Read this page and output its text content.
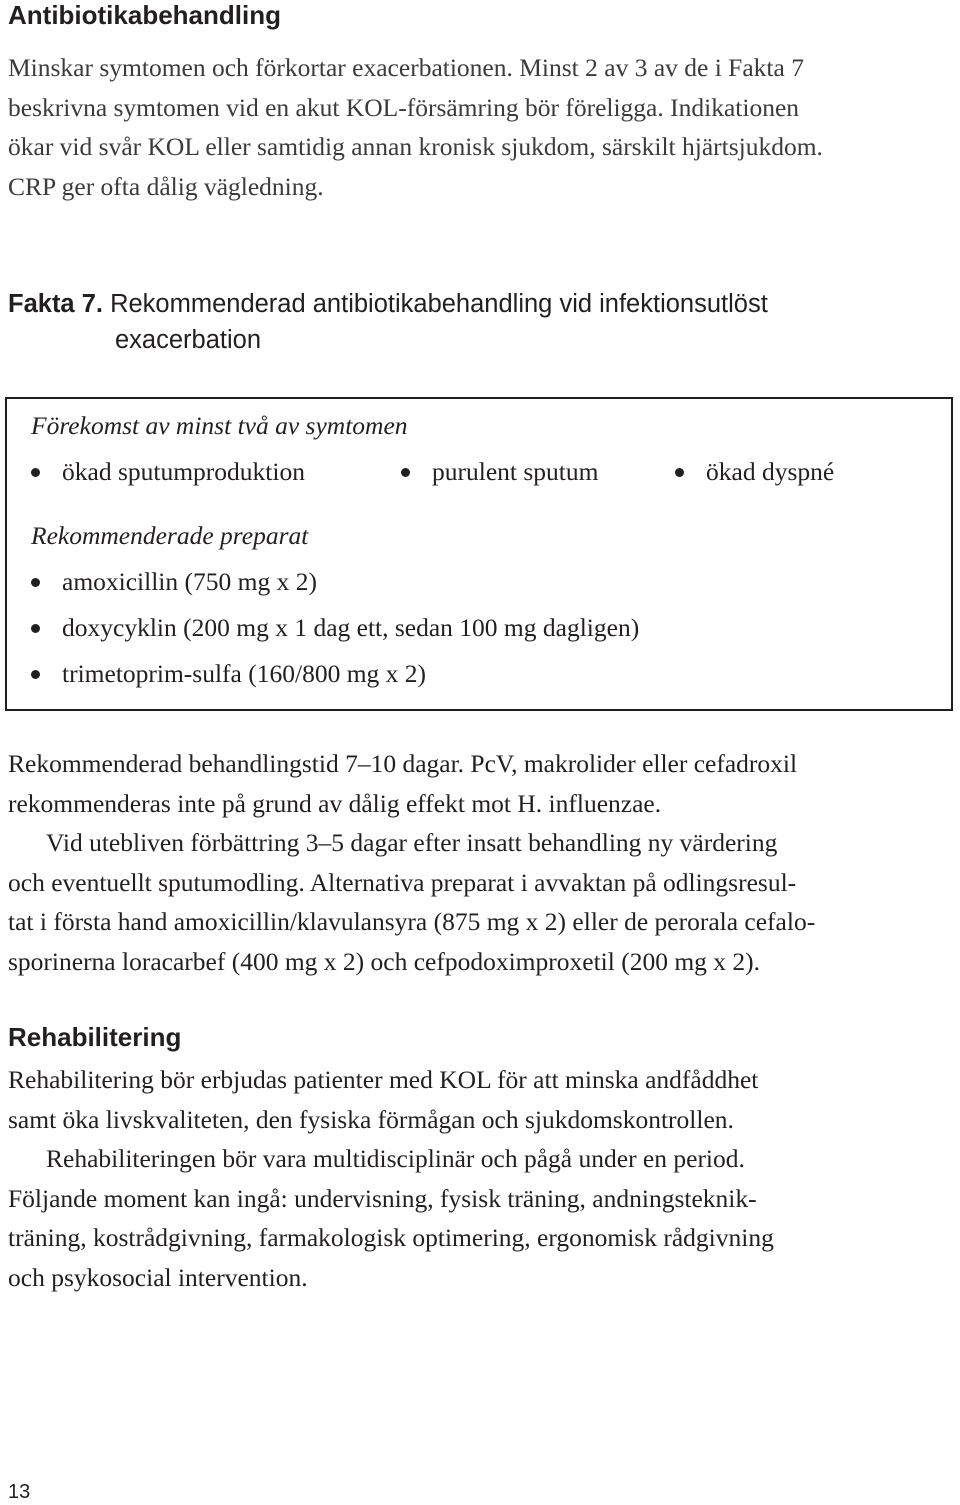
Antibiotikabehandling
Minskar symtomen och förkortar exacerbationen. Minst 2 av 3 av de i Fakta 7
beskrivna symtomen vid en akut KOL-försämring bör föreligga. Indikationen
ökar vid svår KOL eller samtidig annan kronisk sjukdom, särskilt hjärtsjukdom.
CRP ger ofta dålig vägledning.
Fakta 7. Rekommenderad antibiotikabehandling vid infektionsutlöst
exacerbation
Förekomst av minst två av symtomen
ökad sputumproduktion	purulent sputum	ökad dyspné
Rekommenderade preparat
amoxicillin (750 mg x 2)
doxycyklin (200 mg x 1 dag ett, sedan 100 mg dagligen)
trimetoprim-sulfa (160/800 mg x 2)
Rekommenderad behandlingstid 7–10 dagar. PcV, makrolider eller cefadroxil
rekommenderas inte på grund av dålig effekt mot H. influenzae.
Vid utebliven förbättring 3–5 dagar efter insatt behandling ny värdering
och eventuellt sputumodling. Alternativa preparat i avvaktan på odlingsresul-
tat i första hand amoxicillin/klavulansyra (875 mg x 2) eller de perorala cefalo-
sporinerna loracarbef (400 mg x 2) och cefpodoximproxetil (200 mg x 2).
Rehabilitering
Rehabilitering bör erbjudas patienter med KOL för att minska andfåddhet
samt öka livskvaliteten, den fysiska förmågan och sjukdomskontrollen.
Rehabiliteringen bör vara multidisciplinär och pågå under en period.
Följande moment kan ingå: undervisning, fysisk träning, andningsteknik-
träning, kostrådgivning, farmakologisk optimering, ergonomisk rådgivning
och psykosocial intervention.
13
